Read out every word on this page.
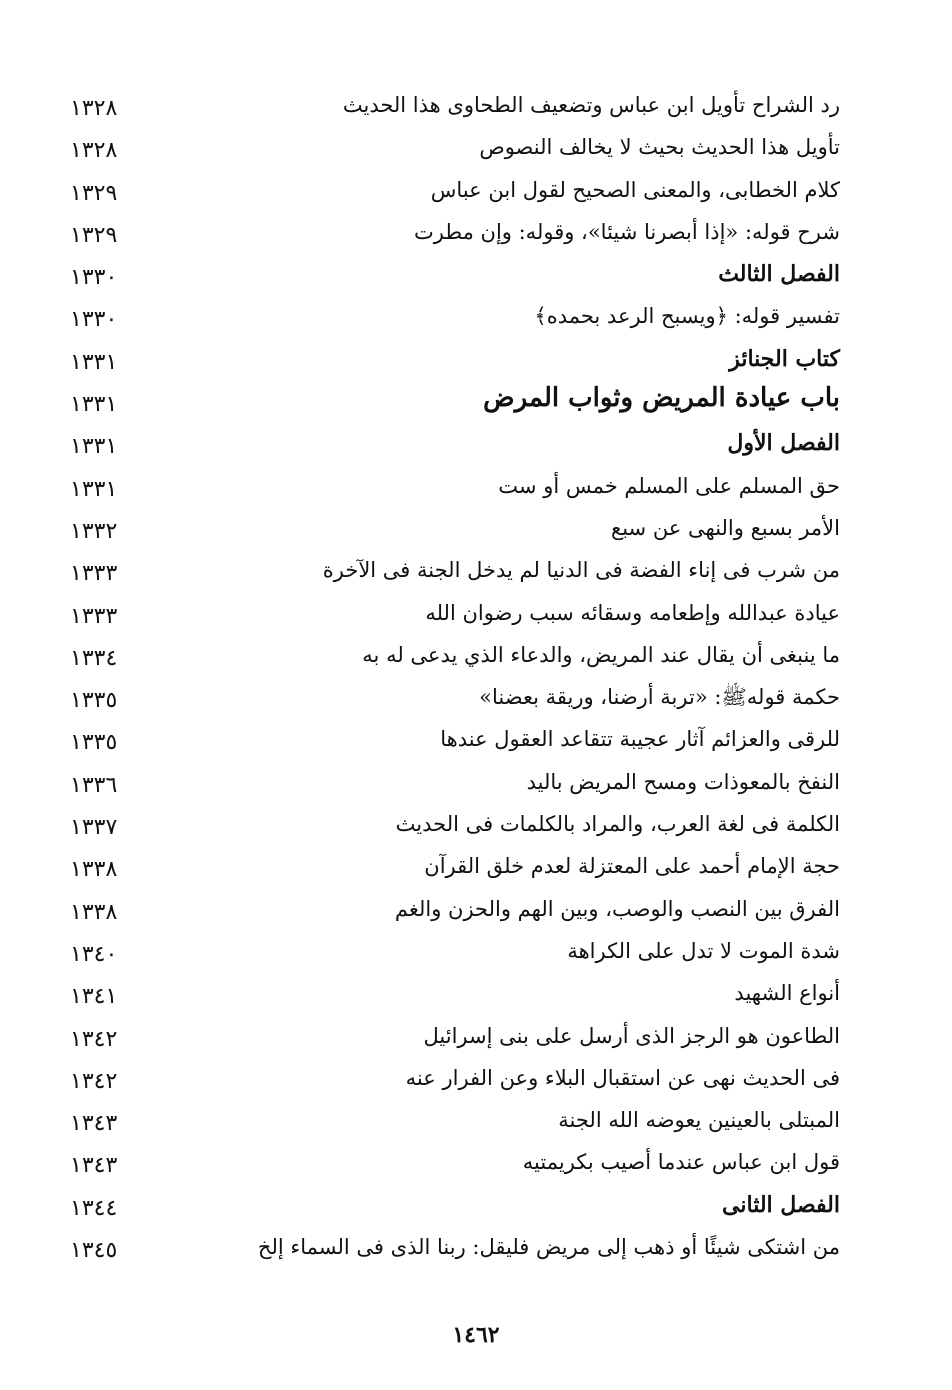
رد الشراح تأويل ابن عباس وتضعيف الطحاوى هذا الحديث
١٣٢٨
تأويل هذا الحديث بحيث لا يخالف النصوص
١٣٢٨
كلام الخطابى، والمعنى الصحيح لقول ابن عباس
١٣٢٩
شرح قوله: «إذا أبصرنا شيئا»، وقوله: وإن مطرت
١٣٢٩
الفصل الثالث
١٣٣٠
تفسير قوله: ﴿ويسبح الرعد بحمده﴾
١٣٣٠
كتاب الجنائز
١٣٣١
باب عيادة المريض وثواب المرض
١٣٣١
الفصل الأول
١٣٣١
حق المسلم على المسلم خمس أو ست
١٣٣١
الأمر بسبع والنهى عن سبع
١٣٣٢
من شرب فى إناء الفضة فى الدنيا لم يدخل الجنة فى الآخرة
١٣٣٣
عيادة عبدالله وإطعامه وسقائه سبب رضوان الله
١٣٣٣
ما ينبغى أن يقال عند المريض، والدعاء الذي يدعى له به
١٣٣٤
حكمة قولهﷺ: «تربة أرضنا، وريقة بعضنا»
١٣٣٥
للرقى والعزائم آثار عجيبة تتقاعد العقول عندها
١٣٣٥
النفخ بالمعوذات ومسح المريض باليد
١٣٣٦
الكلمة فى لغة العرب، والمراد بالكلمات فى الحديث
١٣٣٧
حجة الإمام أحمد على المعتزلة لعدم خلق القرآن
١٣٣٨
الفرق بين النصب والوصب، وبين الهم والحزن والغم
١٣٣٨
شدة الموت لا تدل على الكراهة
١٣٤٠
أنواع الشهيد
١٣٤١
الطاعون هو الرجز الذى أرسل على بنى إسرائيل
١٣٤٢
فى الحديث نهى عن استقبال البلاء وعن الفرار عنه
١٣٤٢
المبتلى بالعينين يعوضه الله الجنة
١٣٤٣
قول ابن عباس عندما أصيب بكريمتيه
١٣٤٣
الفصل الثانى
١٣٤٤
من اشتكى شيئًا أو ذهب إلى مريض فليقل: ربنا الذى فى السماء إلخ
١٣٤٥
١٤٦٢
